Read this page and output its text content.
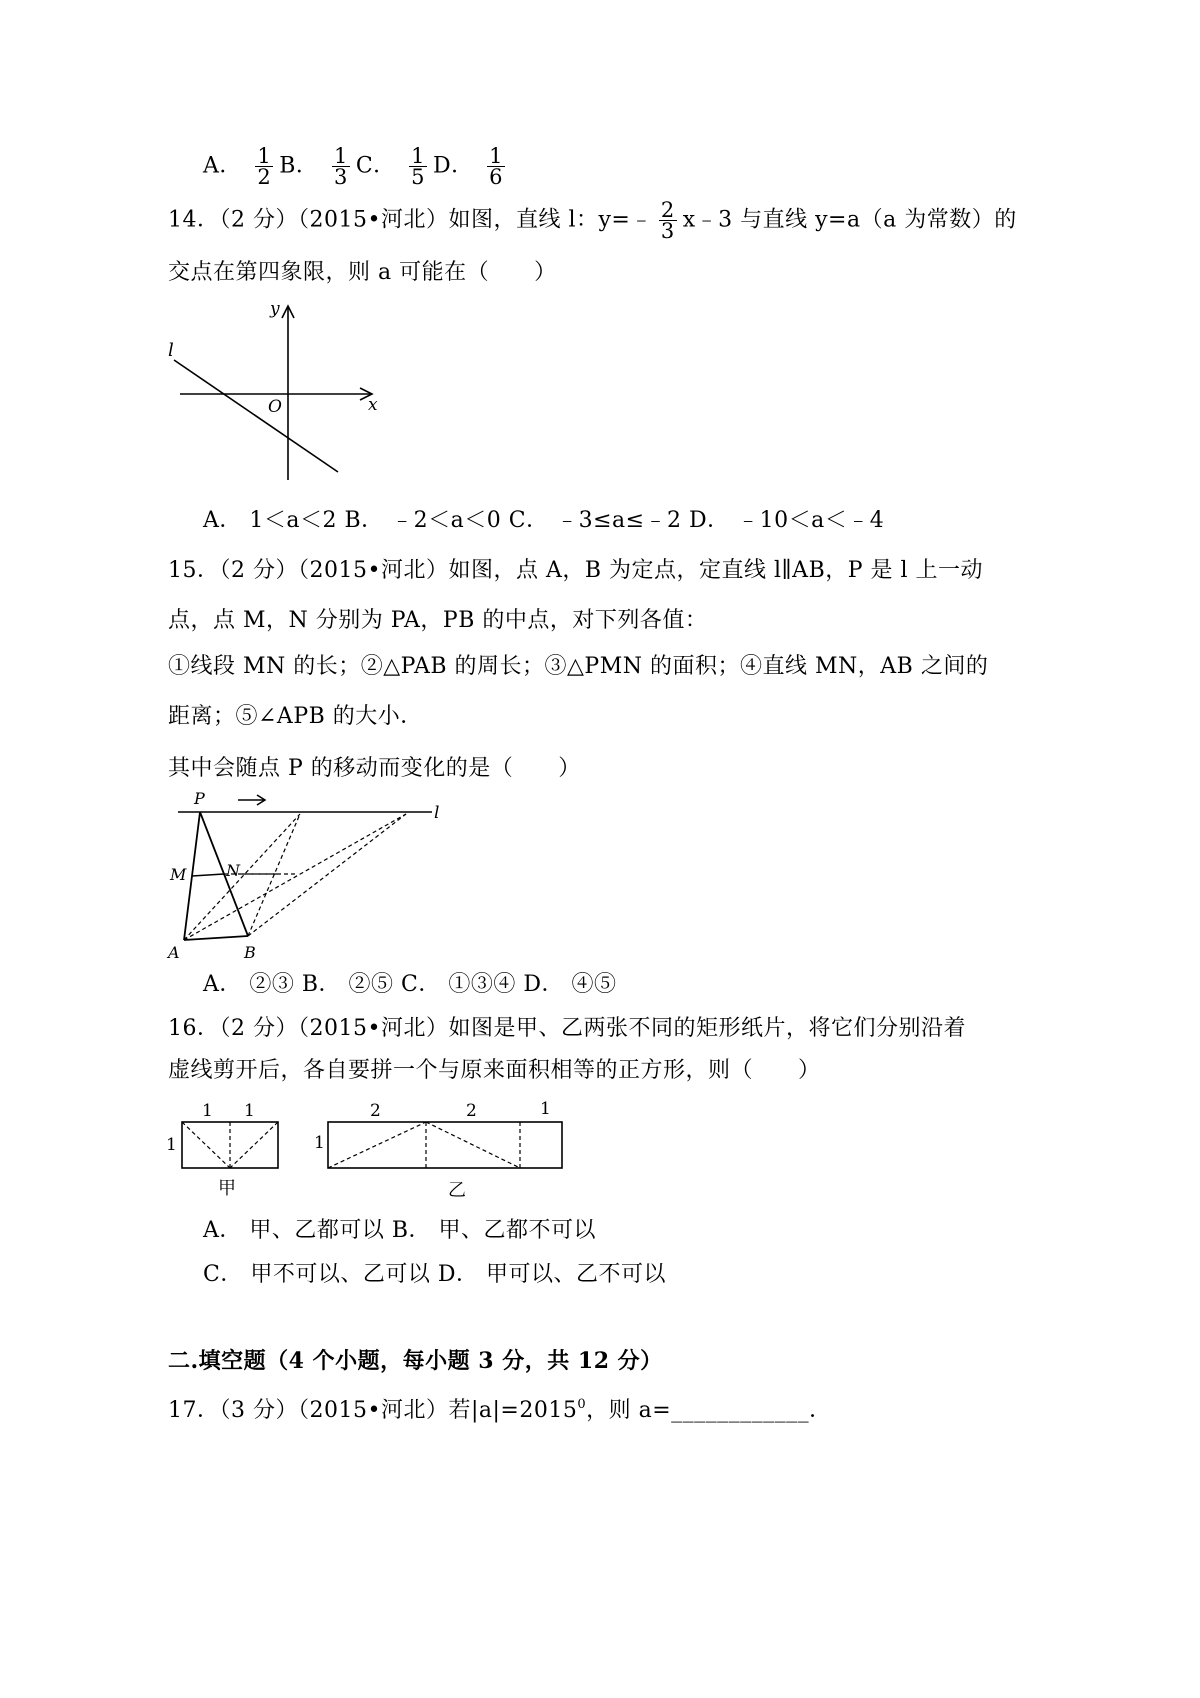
A． $\frac{1}{2}$ B． $\frac{1}{3}$ C． $\frac{1}{5}$ D． $\frac{1}{6}$
14．（2 分）（2015•河北）如图，直线 l：y=﹣ $\frac{2}{3}$ x﹣3 与直线 y=a（a 为常数）的
交点在第四象限，则 a 可能在（　　）
y
l
O	x
A． 1＜a＜2 B． ﹣2＜a＜0 C． ﹣3≤a≤﹣2 D． ﹣10＜a＜﹣4
15．（2 分）（2015•河北）如图，点 A，B 为定点，定直线 l∥AB，P 是 l 上一动
点，点 M，N 分别为 PA，PB 的中点，对下列各值：
①线段 MN 的长；②△PAB 的周长；③△PMN 的面积；④直线 MN，AB 之间的
距离；⑤∠APB 的大小．
其中会随点 P 的移动而变化的是（　　）
P
l
M N
A	B
A． ②③ B． ②⑤ C． ①③④ D． ④⑤
16．（2 分）（2015•河北）如图是甲、乙两张不同的矩形纸片，将它们分别沿着
虚线剪开后，各自要拼一个与原来面积相等的正方形，则（　　）
1 1
1
甲
2	2	1
1
乙
A． 甲、乙都可以 B． 甲、乙都不可以
C． 甲不可以、乙可以 D． 甲可以、乙不可以
二.填空题（4 个小题，每小题 3 分，共 12 分）
17．（3 分）（2015•河北）若$|a|=2015^0$，则 a=____________．
